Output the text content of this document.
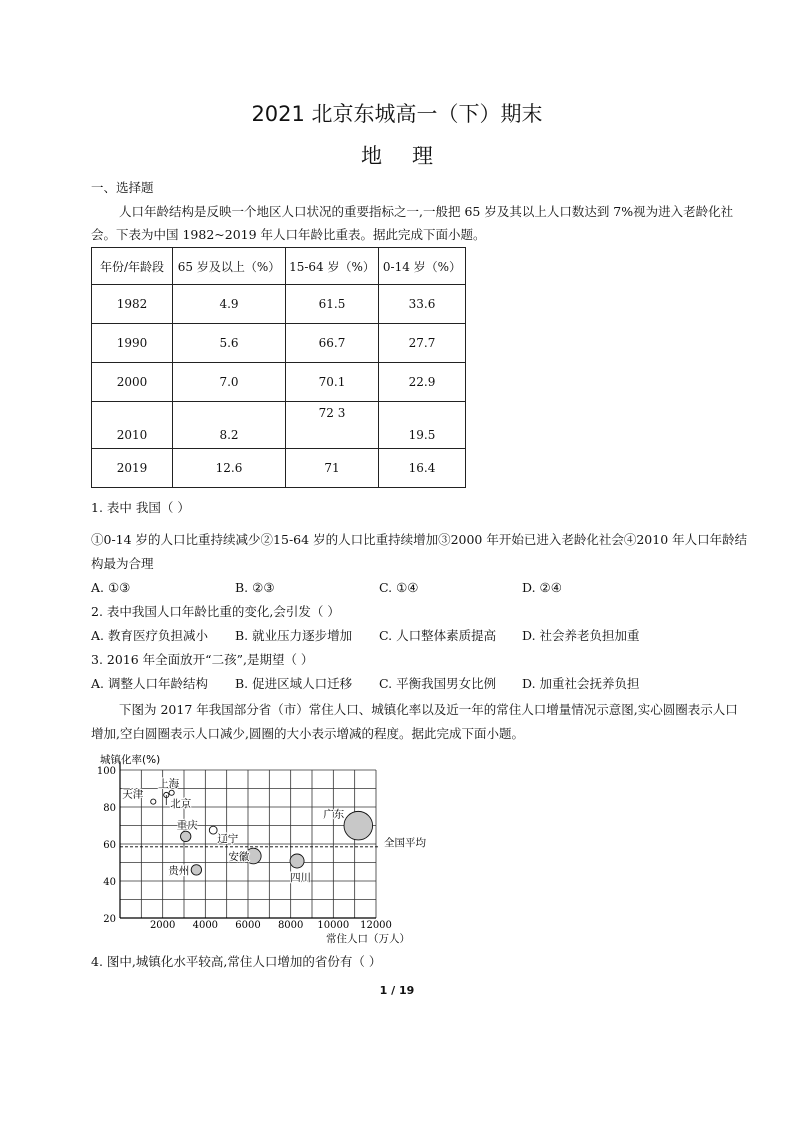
2021 北京东城高一（下）期末
地理
一、选择题
人口年龄结构是反映一个地区人口状况的重要指标之一,一般把 65 岁及其以上人口数达到 7%视为进入老龄化社
会。下表为中国 1982~2019 年人口年龄比重表。据此完成下面小题。
年份/年龄段	65 岁及以上（%）	15-64 岁（%）	0-14 岁（%）
1982	4.9	61.5	33.6
1990	5.6	66.7	27.7
2000	7.0	70.1	22.9
2010	8.2	72 3	19.5
2019	12.6	71	16.4
1. 表中 我国（ ）
①0-14 岁的人口比重持续减少②15-64 岁的人口比重持续增加③2000 年开始已进入老龄化社会④2010 年人口年龄结
构最为合理
A. ①③	B. ②③	C. ①④	D. ②④
2. 表中我国人口年龄比重的变化,会引发（ ）
A. 教育医疗负担减小 B. 就业压力逐步增加 C. 人口整体素质提高 D. 社会养老负担加重
3. 2016 年全面放开“二孩”,是期望（ ）
A. 调整人口年龄结构 B. 促进区域人口迁移 C. 平衡我国男女比例 D. 加重社会抚养负担
下图为 2017 年我国部分省（市）常住人口、城镇化率以及近一年的常住人口增量情况示意图,实心圆圈表示人口
增加,空白圆圈表示人口减少,圆圈的大小表示增减的程度。据此完成下面小题。
20
40
60
80
100
2000 4000 6000 8000 10000 12000
城镇化率(%)
常住人口（万人）
全国平均
天津
上海
北京
重庆
辽宁
安徽
贵州
四川
广东
4. 图中,城镇化水平较高,常住人口增加的省份有（ ）
1 / 19
